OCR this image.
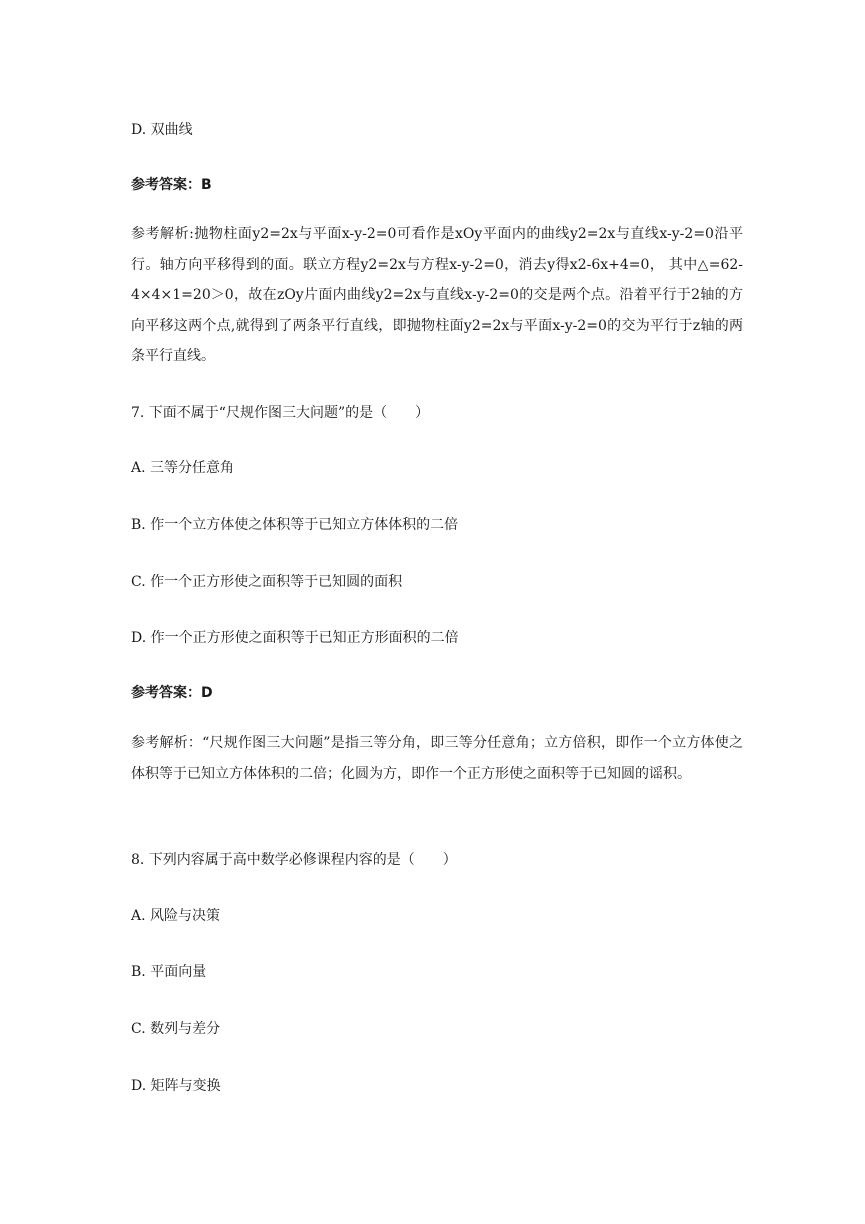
D. 双曲线
参考答案：B
参考解析:抛物柱面y2=2x与平面x-y-2=0可看作是xOy平面内的曲线y2=2x与直线x-y-2=0沿平行。轴方向平移得到的面。联立方程y2=2x与方程x-y-2=0，消去y得x2-6x+4=0， 其中△=62-4×4×1=20＞0，故在zOy片面内曲线y2=2x与直线x-y-2=0的交是两个点。沿着平行于2轴的方向平移这两个点,就得到了两条平行直线，即抛物柱面y2=2x与平面x-y-2=0的交为平行于z轴的两条平行直线。
7. 下面不属于“尺规作图三大问题”的是（　　）
A. 三等分任意角
B. 作一个立方体使之体积等于已知立方体体积的二倍
C. 作一个正方形使之面积等于已知圆的面积
D. 作一个正方形使之面积等于已知正方形面积的二倍
参考答案：D
参考解析：“尺规作图三大问题”是指三等分角，即三等分任意角；立方倍积，即作一个立方体使之体积等于已知立方体体积的二倍；化圆为方，即作一个正方形使之面积等于已知圆的谣积。
8. 下列内容属于高中数学必修课程内容的是（　　）
A. 风险与决策
B. 平面向量
C. 数列与差分
D. 矩阵与变换
